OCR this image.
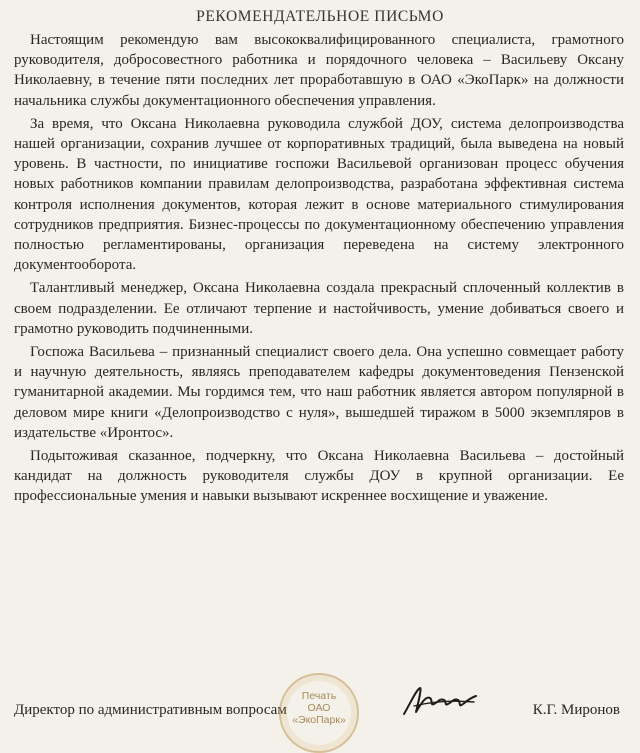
РЕКОМЕНДАТЕЛЬНОЕ ПИСЬМО

Настоящим рекомендую вам высококвалифицированного специалиста, грамотного руководителя, добросовестного работника и порядочного человека – Васильеву Оксану Николаевну, в течение пяти последних лет проработавшую в ОАО «ЭкоПарк» на должности начальника службы документационного обеспечения управления.

За время, что Оксана Николаевна руководила службой ДОУ, система делопроизводства нашей организации, сохранив лучшее от корпоративных традиций, была выведена на новый уровень. В частности, по инициативе госпожи Васильевой организован процесс обучения новых работников компании правилам делопроизводства, разработана эффективная система контроля исполнения документов, которая лежит в основе материального стимулирования сотрудников предприятия. Бизнес-процессы по документационному обеспечению управления полностью регламентированы, организация переведена на систему электронного документооборота.

Талантливый менеджер, Оксана Николаевна создала прекрасный сплоченный коллектив в своем подразделении. Ее отличают терпение и настойчивость, умение добиваться своего и грамотно руководить подчиненными.

Госпожа Васильева – признанный специалист своего дела. Она успешно совмещает работу и научную деятельность, являясь преподавателем кафедры документоведения Пензенской гуманитарной академии. Мы гордимся тем, что наш работник является автором популярной в деловом мире книги «Делопроизводство с нуля», вышедшей тиражом в 5000 экземпляров в издательстве «Иронтос».

Подытоживая сказанное, подчеркну, что Оксана Николаевна Васильева – достойный кандидат на должность руководителя службы ДОУ в крупной организации. Ее профессиональные умения и навыки вызывают искреннее восхищение и уважение.

Директор по административным вопросам
Печать
ОАО
«ЭкоПарк»
К.Г. Миронов
